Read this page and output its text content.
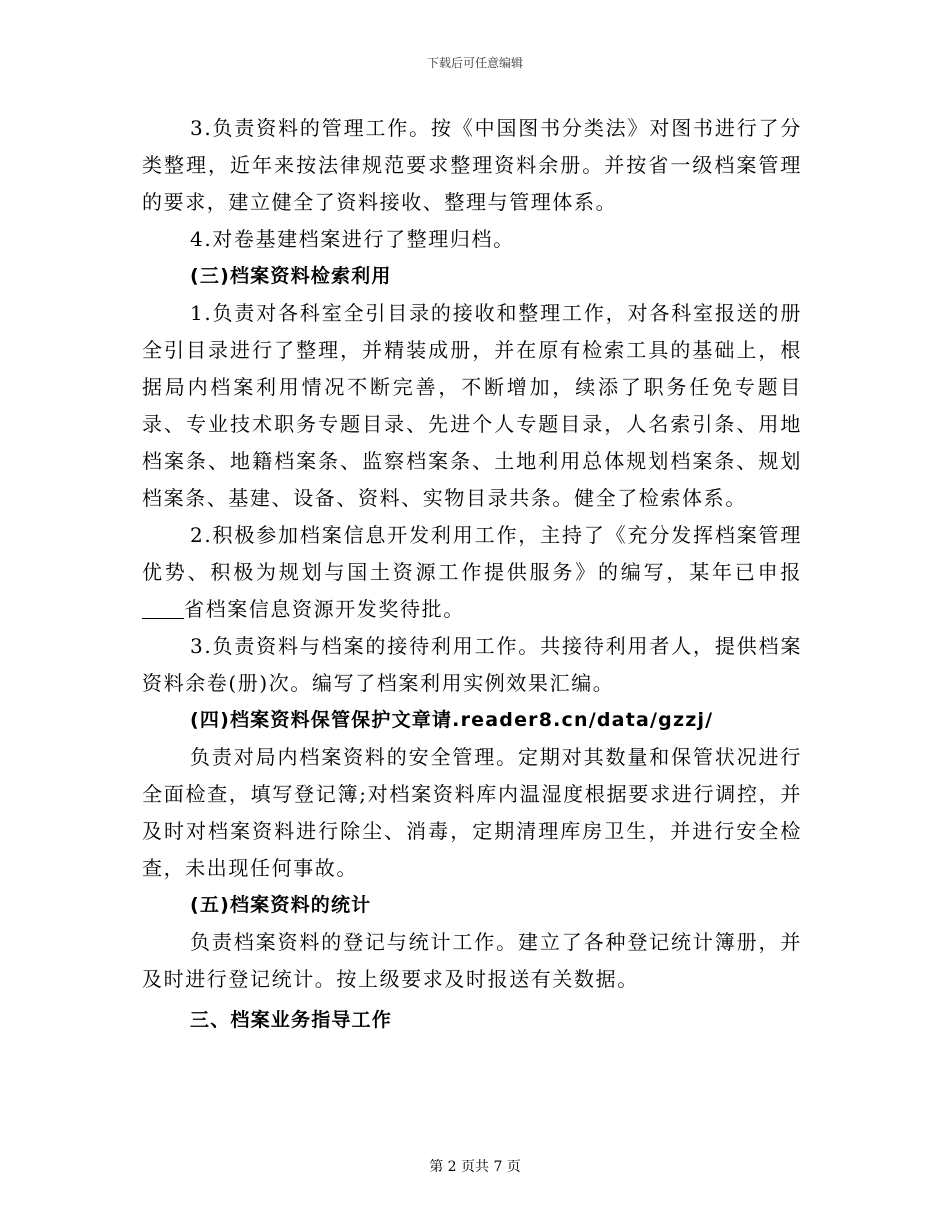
下载后可任意编辑

3.负责资料的管理工作。按《中国图书分类法》对图书进行了分类整理，近年来按法律规范要求整理资料余册。并按省一级档案管理的要求，建立健全了资料接收、整理与管理体系。

4.对卷基建档案进行了整理归档。

(三)档案资料检索利用

1.负责对各科室全引目录的接收和整理工作，对各科室报送的册全引目录进行了整理，并精装成册，并在原有检索工具的基础上，根据局内档案利用情况不断完善，不断增加，续添了职务任免专题目录、专业技术职务专题目录、先进个人专题目录，人名索引条、用地档案条、地籍档案条、监察档案条、土地利用总体规划档案条、规划档案条、基建、设备、资料、实物目录共条。健全了检索体系。

2.积极参加档案信息开发利用工作，主持了《充分发挥档案管理优势、积极为规划与国土资源工作提供服务》的编写，某年已申报省档案信息资源开发奖待批。

3.负责资料与档案的接待利用工作。共接待利用者人，提供档案资料余卷(册)次。编写了档案利用实例效果汇编。

(四)档案资料保管保护文章请.reader8.cn/data/gzzj/

负责对局内档案资料的安全管理。定期对其数量和保管状况进行全面检查，填写登记簿;对档案资料库内温湿度根据要求进行调控，并及时对档案资料进行除尘、消毒，定期清理库房卫生，并进行安全检查，未出现任何事故。

(五)档案资料的统计

负责档案资料的登记与统计工作。建立了各种登记统计簿册，并及时进行登记统计。按上级要求及时报送有关数据。

三、档案业务指导工作

第 2 页共 7 页
